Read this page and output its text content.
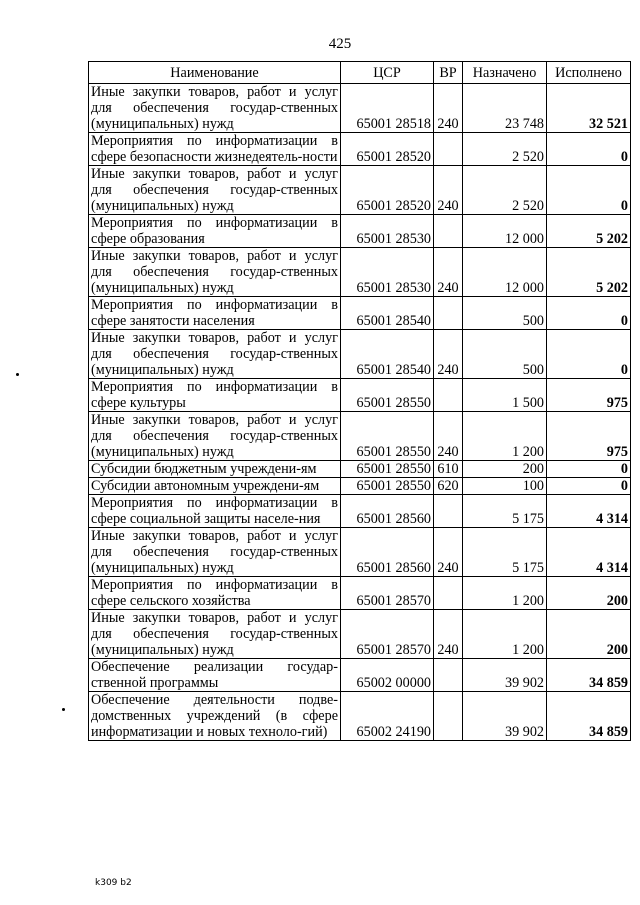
425
Наименование	ЦСР	ВР	Назначено	Исполнено
Иные закупки товаров, работ и услуг для обеспечения государ-ственных (муниципальных) нужд	65001 28518	240	23 748	32 521
Мероприятия по информатизации в сфере безопасности жизнедеятель-ности	65001 28520		2 520	0
Иные закупки товаров, работ и услуг для обеспечения государ-ственных (муниципальных) нужд	65001 28520	240	2 520	0
Мероприятия по информатизации в сфере образования	65001 28530		12 000	5 202
Иные закупки товаров, работ и услуг для обеспечения государ-ственных (муниципальных) нужд	65001 28530	240	12 000	5 202
Мероприятия по информатизации в сфере занятости населения	65001 28540		500	0
Иные закупки товаров, работ и услуг для обеспечения государ-ственных (муниципальных) нужд	65001 28540	240	500	0
Мероприятия по информатизации в сфере культуры	65001 28550		1 500	975
Иные закупки товаров, работ и услуг для обеспечения государ-ственных (муниципальных) нужд	65001 28550	240	1 200	975
Субсидии бюджетным учреждени-ям	65001 28550	610	200	0
Субсидии автономным учреждени-ям	65001 28550	620	100	0
Мероприятия по информатизации в сфере социальной защиты населе-ния	65001 28560		5 175	4 314
Иные закупки товаров, работ и услуг для обеспечения государ-ственных (муниципальных) нужд	65001 28560	240	5 175	4 314
Мероприятия по информатизации в сфере сельского хозяйства	65001 28570		1 200	200
Иные закупки товаров, работ и услуг для обеспечения государ-ственных (муниципальных) нужд	65001 28570	240	1 200	200
Обеспечение реализации государ-ственной программы	65002 00000		39 902	34 859
Обеспечение деятельности подве-домственных учреждений (в сфере информатизации и новых техноло-гий)	65002 24190		39 902	34 859
k309 b2
